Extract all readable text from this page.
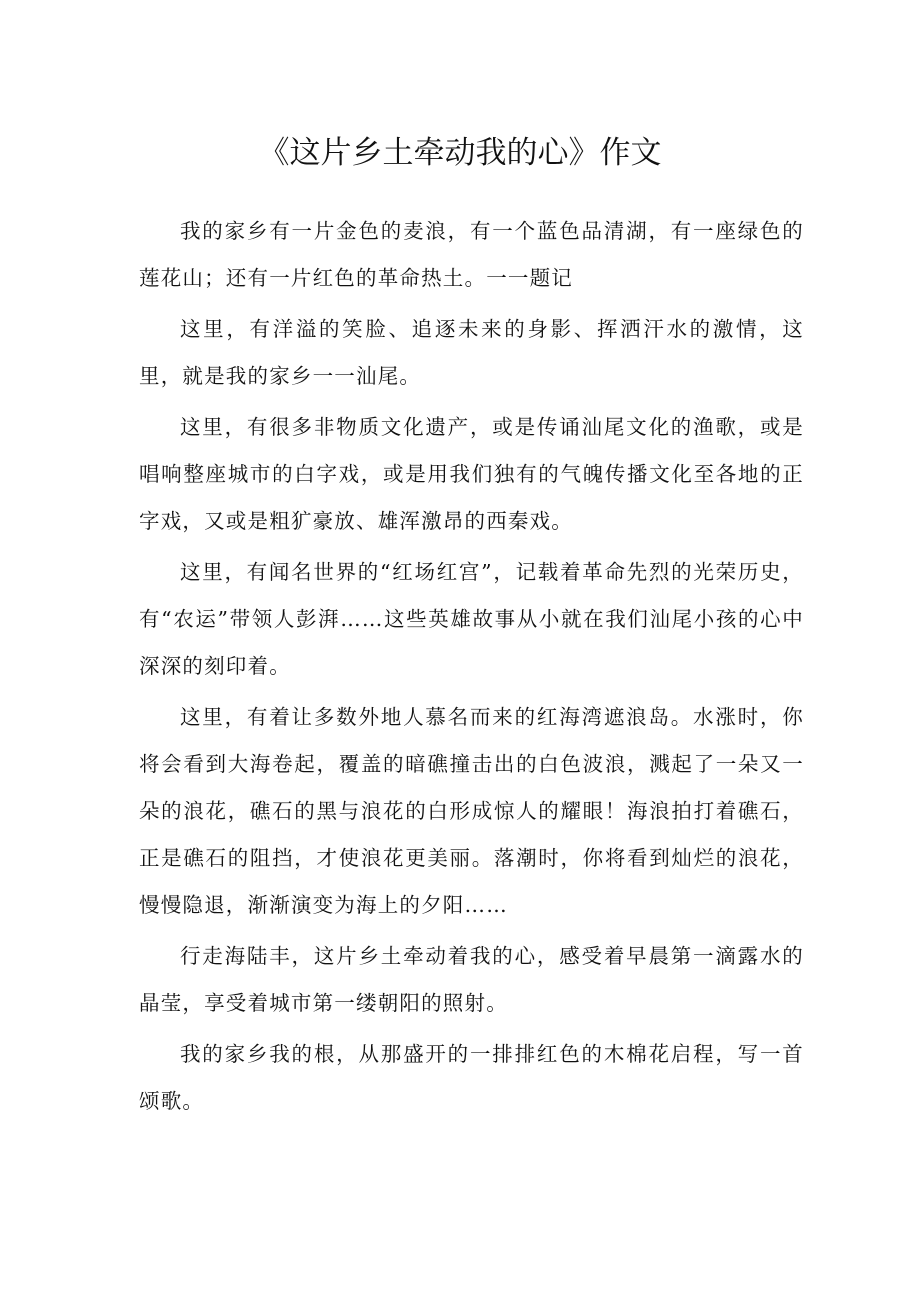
《这片乡土牵动我的心》作文

我的家乡有一片金色的麦浪，有一个蓝色品清湖，有一座绿色的莲花山；还有一片红色的革命热土。一一题记

这里，有洋溢的笑脸、追逐未来的身影、挥洒汗水的激情，这里，就是我的家乡一一汕尾。

这里，有很多非物质文化遗产，或是传诵汕尾文化的渔歌，或是唱响整座城市的白字戏，或是用我们独有的气魄传播文化至各地的正字戏，又或是粗犷豪放、雄浑激昂的西秦戏。

这里，有闻名世界的“红场红宫”，记载着革命先烈的光荣历史，有“农运”带领人彭湃……这些英雄故事从小就在我们汕尾小孩的心中深深的刻印着。

这里，有着让多数外地人慕名而来的红海湾遮浪岛。水涨时，你将会看到大海卷起，覆盖的暗礁撞击出的白色波浪，溅起了一朵又一朵的浪花，礁石的黑与浪花的白形成惊人的耀眼！海浪拍打着礁石，正是礁石的阻挡，才使浪花更美丽。落潮时，你将看到灿烂的浪花，慢慢隐退，渐渐演变为海上的夕阳……

行走海陆丰，这片乡土牵动着我的心，感受着早晨第一滴露水的晶莹，享受着城市第一缕朝阳的照射。

我的家乡我的根，从那盛开的一排排红色的木棉花启程，写一首颂歌。
